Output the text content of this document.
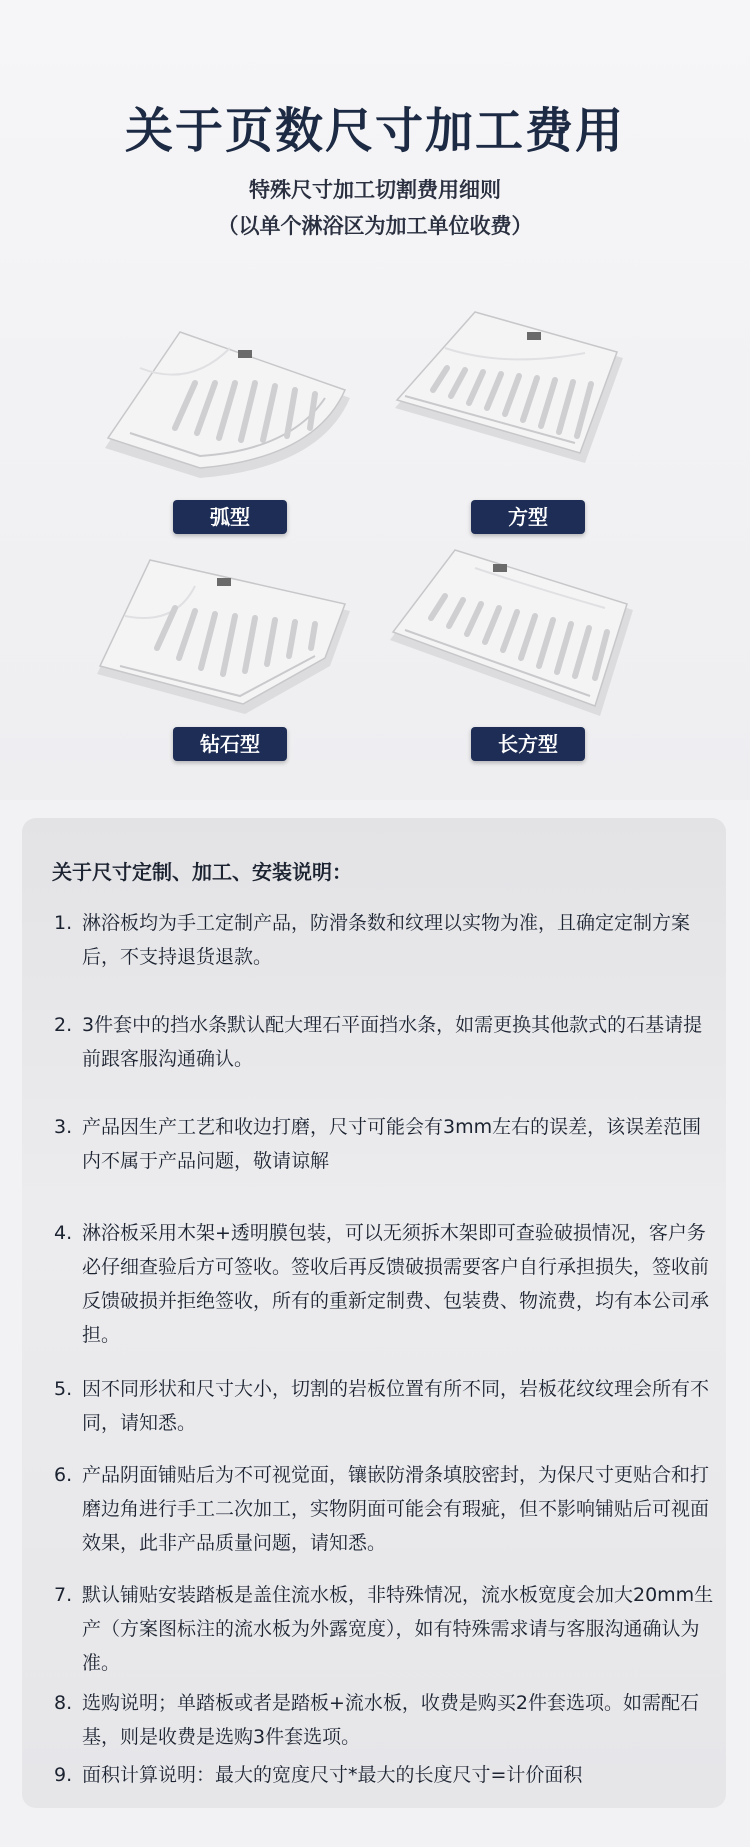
关于页数尺寸加工费用
特殊尺寸加工切割费用细则
（以单个淋浴区为加工单位收费）
弧型	方型
钻石型	长方型
关于尺寸定制、加工、安装说明：
1. 淋浴板均为手工定制产品，防滑条数和纹理以实物为准，且确定定制方案后，不支持退货退款。
2. 3件套中的挡水条默认配大理石平面挡水条，如需更换其他款式的石基请提前跟客服沟通确认。
3. 产品因生产工艺和收边打磨，尺寸可能会有3mm左右的误差，该误差范围内不属于产品问题，敬请谅解
4. 淋浴板采用木架+透明膜包装，可以无须拆木架即可查验破损情况，客户务必仔细查验后方可签收。签收后再反馈破损需要客户自行承担损失，签收前反馈破损并拒绝签收，所有的重新定制费、包装费、物流费，均有本公司承担。
5. 因不同形状和尺寸大小，切割的岩板位置有所不同，岩板花纹纹理会所有不同，请知悉。
6. 产品阴面铺贴后为不可视觉面，镶嵌防滑条填胶密封，为保尺寸更贴合和打磨边角进行手工二次加工，实物阴面可能会有瑕疵，但不影响铺贴后可视面效果，此非产品质量问题，请知悉。
7. 默认铺贴安装踏板是盖住流水板，非特殊情况，流水板宽度会加大20mm生产（方案图标注的流水板为外露宽度），如有特殊需求请与客服沟通确认为准。
8. 选购说明；单踏板或者是踏板+流水板，收费是购买2件套选项。如需配石基，则是收费是选购3件套选项。
9. 面积计算说明：最大的宽度尺寸*最大的长度尺寸=计价面积
